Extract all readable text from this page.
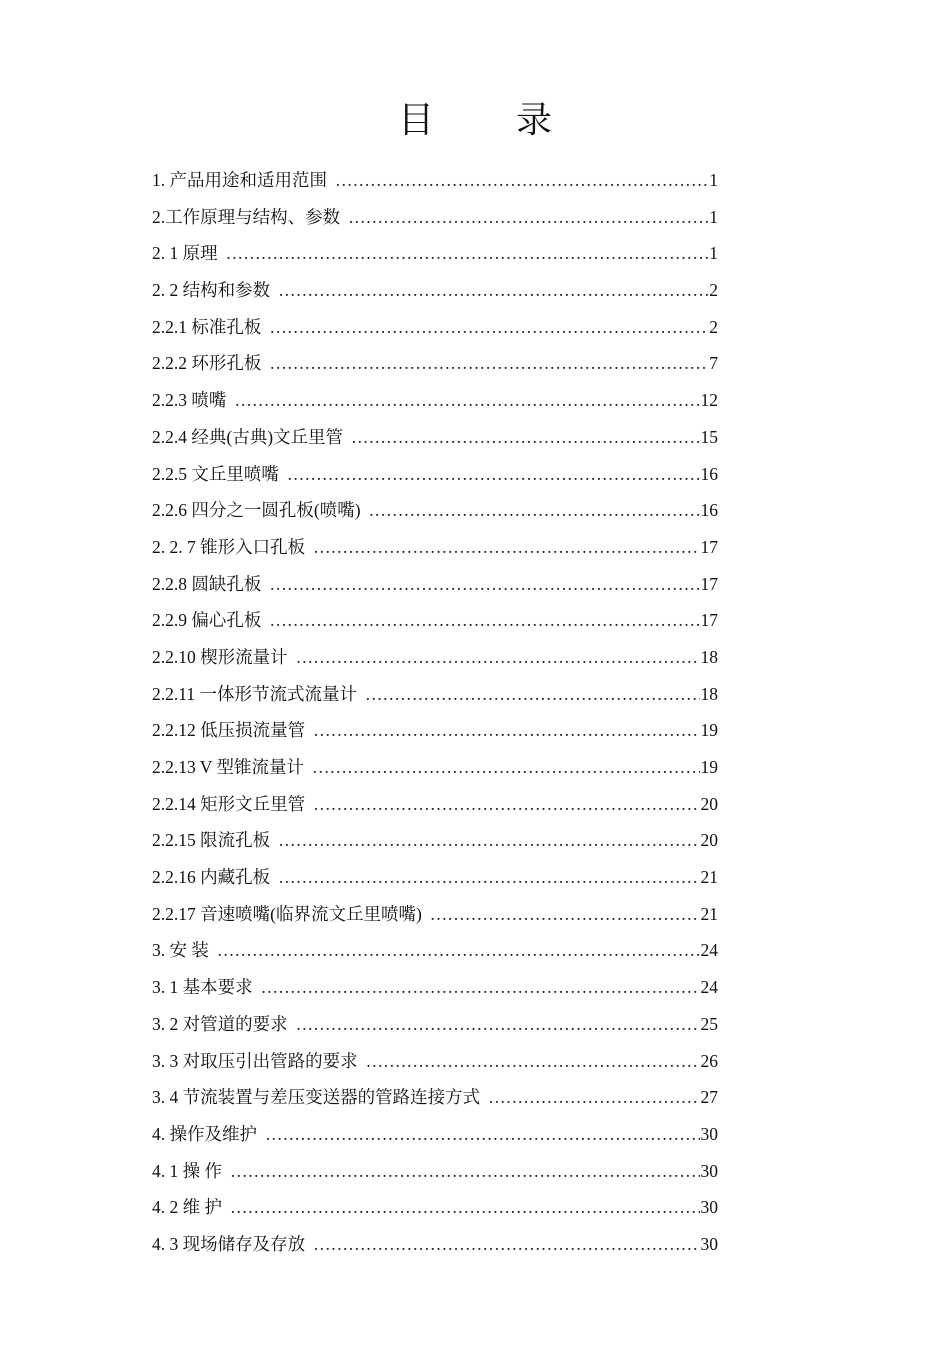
目 录
1. 产品用途和适用范围 ………………………………………………………………………………………………………………………………	1
2.工作原理与结构、参数 ………………………………………………………………………………………………………………………………	1
2. 1 原理 ………………………………………………………………………………………………………………………………	1
2. 2 结构和参数 ………………………………………………………………………………………………………………………………	2
2.2.1 标准孔板 ………………………………………………………………………………………………………………………………	2
2.2.2 环形孔板 ………………………………………………………………………………………………………………………………	7
2.2.3 喷嘴 ………………………………………………………………………………………………………………………………	12
2.2.4 经典(古典)文丘里管 ………………………………………………………………………………………………………………………………	15
2.2.5 文丘里喷嘴 ………………………………………………………………………………………………………………………………	16
2.2.6 四分之一圆孔板(喷嘴) ………………………………………………………………………………………………………………………………	16
2. 2. 7 锥形入口孔板 ………………………………………………………………………………………………………………………………	17
2.2.8 圆缺孔板 ………………………………………………………………………………………………………………………………	17
2.2.9 偏心孔板 ………………………………………………………………………………………………………………………………	17
2.2.10 楔形流量计 ………………………………………………………………………………………………………………………………	18
2.2.11 一体形节流式流量计 ………………………………………………………………………………………………………………………………	18
2.2.12 低压损流量管 ………………………………………………………………………………………………………………………………	19
2.2.13 V 型锥流量计 ………………………………………………………………………………………………………………………………	19
2.2.14 矩形文丘里管 ………………………………………………………………………………………………………………………………	20
2.2.15 限流孔板 ………………………………………………………………………………………………………………………………	20
2.2.16 内藏孔板 ………………………………………………………………………………………………………………………………	21
2.2.17 音速喷嘴(临界流文丘里喷嘴) ………………………………………………………………………………………………………………………………	21
3. 安 装 ………………………………………………………………………………………………………………………………	24
3. 1 基本要求 ………………………………………………………………………………………………………………………………	24
3. 2 对管道的要求 ………………………………………………………………………………………………………………………………	25
3. 3 对取压引出管路的要求 ………………………………………………………………………………………………………………………………	26
3. 4 节流装置与差压变送器的管路连接方式 ………………………………………………………………………………………………………………………………	27
4. 操作及维护 ………………………………………………………………………………………………………………………………	30
4. 1 操 作 ………………………………………………………………………………………………………………………………	30
4. 2 维 护 ………………………………………………………………………………………………………………………………	30
4. 3 现场储存及存放 ………………………………………………………………………………………………………………………………	30
